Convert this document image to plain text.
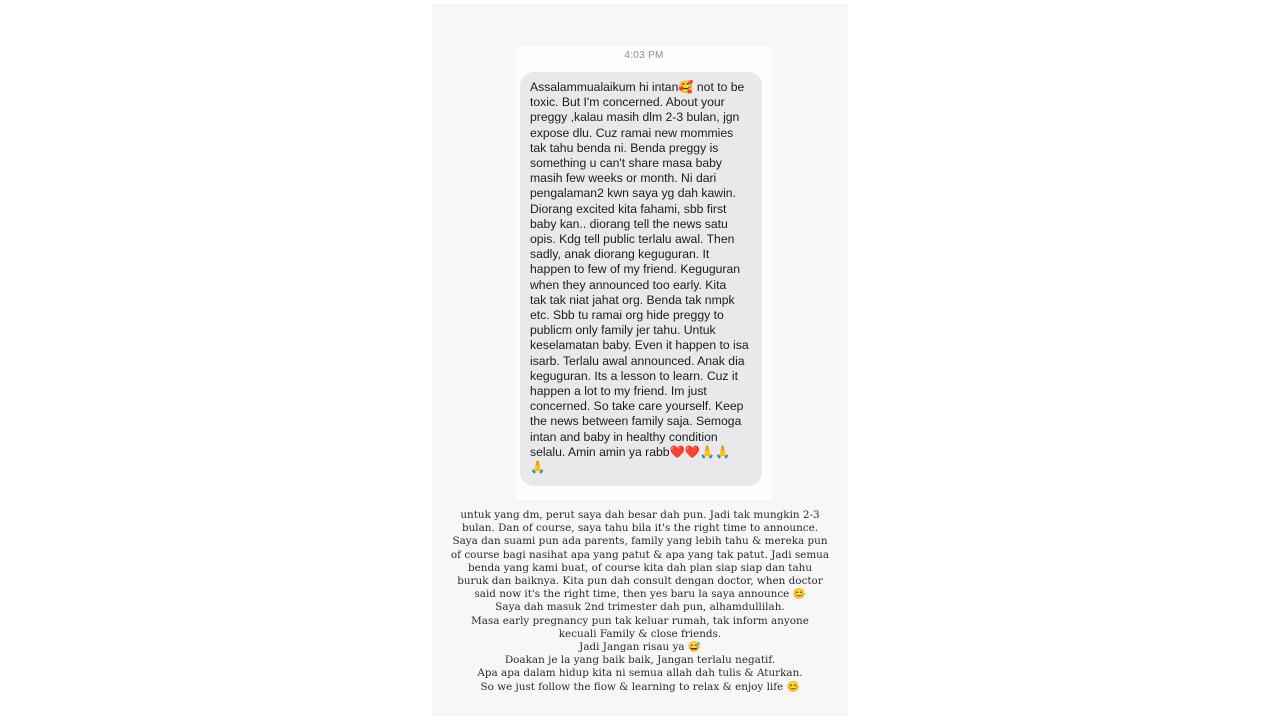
4:03 PM
Assalammualaikum hi intan🥰 not to be
toxic. But I'm concerned. About your
preggy ,kalau masih dlm 2-3 bulan, jgn
expose dlu. Cuz ramai new mommies
tak tahu benda ni. Benda preggy is
something u can't share masa baby
masih few weeks or month. Ni dari
pengalaman2 kwn saya yg dah kawin.
Diorang excited kita fahami, sbb first
baby kan.. diorang tell the news satu
opis. Kdg tell public terlalu awal. Then
sadly, anak diorang keguguran. It
happen to few of my friend. Keguguran
when they announced too early. Kita
tak tak niat jahat org. Benda tak nmpk
etc. Sbb tu ramai org hide preggy to
publicm only family jer tahu. Untuk
keselamatan baby. Even it happen to isa
isarb. Terlalu awal announced. Anak dia
keguguran. Its a lesson to learn. Cuz it
happen a lot to my friend. Im just
concerned. So take care yourself. Keep
the news between family saja. Semoga
intan and baby in healthy condition
selalu. Amin amin ya rabb❤️❤️🙏🙏
🙏
untuk yang dm, perut saya dah besar dah pun. Jadi tak mungkin 2-3
bulan. Dan of course, saya tahu bila it's the right time to announce.
Saya dan suami pun ada parents, family yang lebih tahu & mereka pun
of course bagi nasihat apa yang patut & apa yang tak patut. Jadi semua
benda yang kami buat, of course kita dah plan siap siap dan tahu
buruk dan baiknya. Kita pun dah consult dengan doctor, when doctor
said now it's the right time, then yes baru la saya announce 😊
Saya dah masuk 2nd trimester dah pun, alhamdullilah.
Masa early pregnancy pun tak keluar rumah, tak inform anyone
kecuali Family & close friends.
Jadi Jangan risau ya 😅
Doakan je la yang baik baik, Jangan terlalu negatif.
Apa apa dalam hidup kita ni semua allah dah tulis & Aturkan.
So we just follow the flow & learning to relax & enjoy life 😊
